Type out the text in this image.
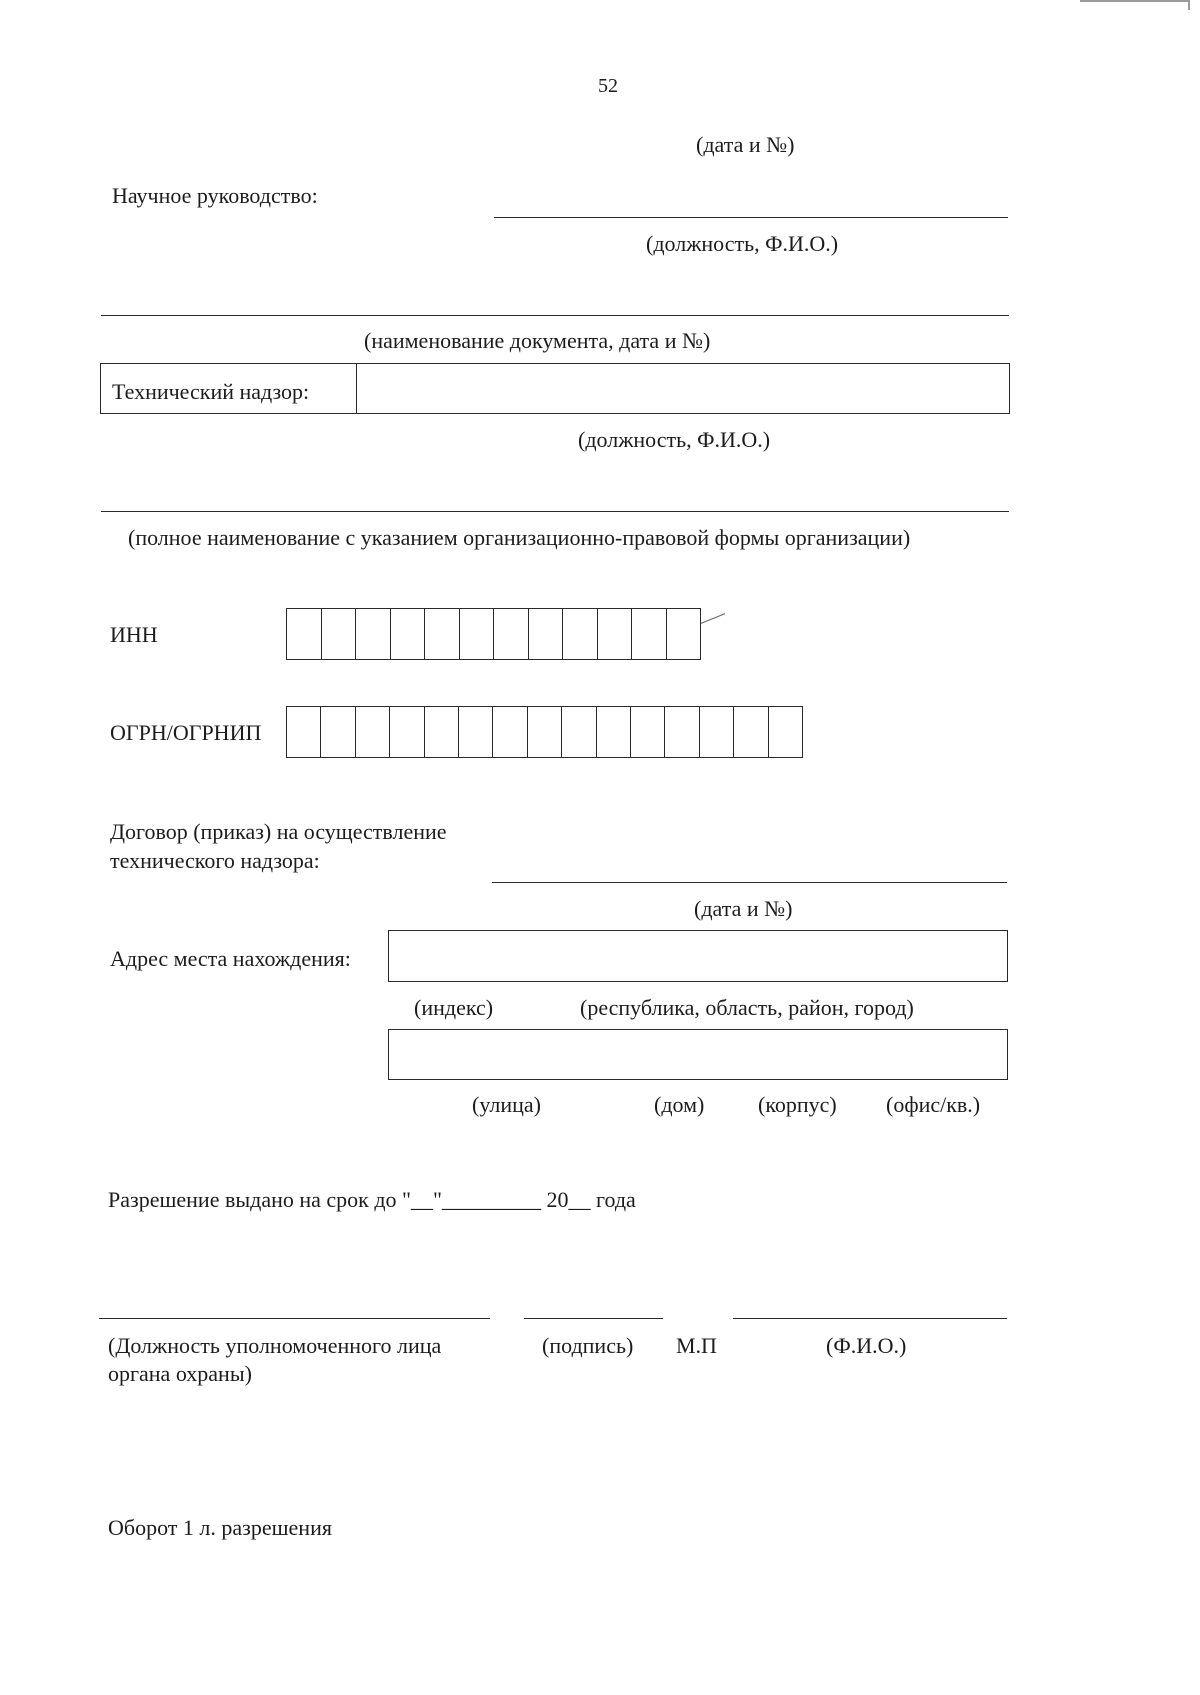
52
(дата и №)
Научное руководство:
(должность, Ф.И.О.)
(наименование документа, дата и №)
Технический надзор:
(должность, Ф.И.О.)
(полное наименование с указанием организационно-правовой формы организации)
ИНН
ОГРН/ОГРНИП
Договор (приказ) на осуществление
технического надзора:
(дата и №)
Адрес места нахождения:
(индекс)	(республика, область, район, город)
(улица)	(дом) (корпус) (офис/кв.)
Разрешение выдано на срок до "__"_________ 20__ года
(Должность уполномоченного лица
органа охраны)
(подпись) М.П	(Ф.И.О.)
Оборот 1 л. разрешения
